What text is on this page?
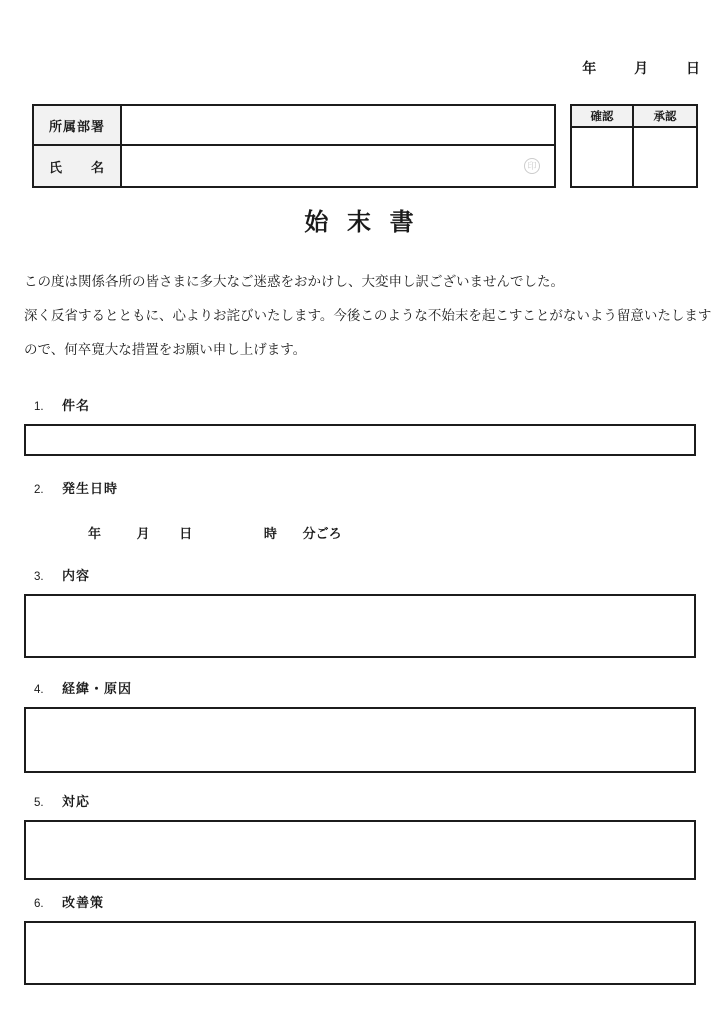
年	月	日
所属部署
氏　　名	印
確認	承認
始 末 書
この度は関係各所の皆さまに多大なご迷惑をおかけし、大変申し訳ございませんでした。
深く反省するとともに、心よりお詫びいたします。今後このような不始末を起こすことがないよう留意いたします
ので、何卒寛大な措置をお願い申し上げます。
1.	件名
2.	発生日時
年	月 日	時 分ごろ
3.	内容
4.	経緯・原因
5.	対応
6.	改善策
